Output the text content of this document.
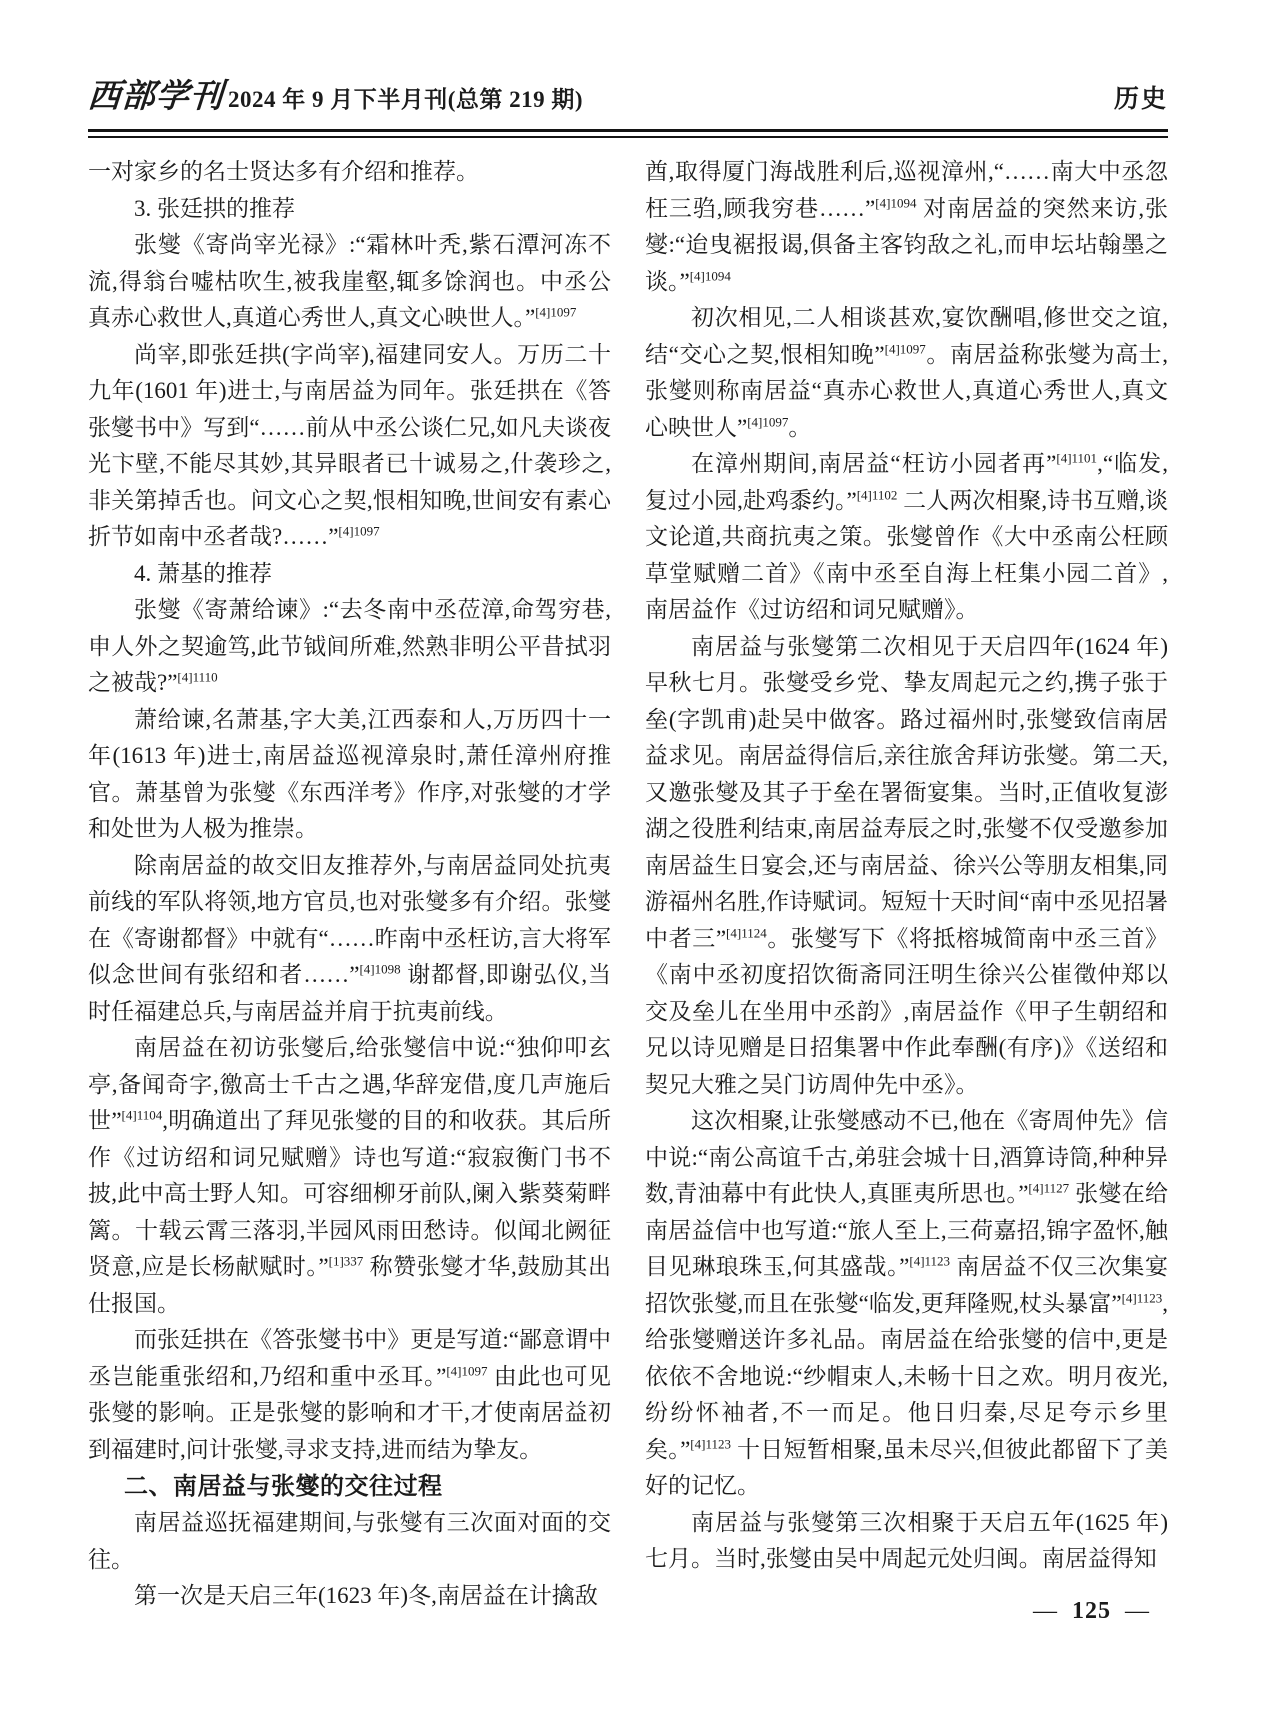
西部学刊 2024 年 9 月下半月刊(总第 219 期)	历史

一对家乡的名士贤达多有介绍和推荐。

3. 张廷拱的推荐

张燮《寄尚宰光禄》:“霜林叶秃,紫石潭河冻不流,得翁台嘘枯吹生,被我崖壑,辄多馀润也。中丞公真赤心救世人,真道心秀世人,真文心映世人。”$^{[4]1097}$

尚宰,即张廷拱(字尚宰),福建同安人。万历二十九年(1601 年)进士,与南居益为同年。张廷拱在《答张燮书中》写到“……前从中丞公谈仁兄,如凡夫谈夜光卞壁,不能尽其妙,其异眼者已十诚易之,什袭珍之,非关第掉舌也。问文心之契,恨相知晚,世间安有素心折节如南中丞者哉?……”$^{[4]1097}$

4. 萧基的推荐

张燮《寄萧给谏》:“去冬南中丞莅漳,命驾穷巷,申人外之契逾笃,此节钺间所难,然熟非明公平昔拭羽之被哉?”$^{[4]1110}$

萧给谏,名萧基,字大美,江西泰和人,万历四十一年(1613 年)进士,南居益巡视漳泉时,萧任漳州府推官。萧基曾为张燮《东西洋考》作序,对张燮的才学和处世为人极为推崇。

除南居益的故交旧友推荐外,与南居益同处抗夷前线的军队将领,地方官员,也对张燮多有介绍。张燮在《寄谢都督》中就有“……昨南中丞枉访,言大将军似念世间有张绍和者……”$^{[4]1098}$ 谢都督,即谢弘仪,当时任福建总兵,与南居益并肩于抗夷前线。

南居益在初访张燮后,给张燮信中说:“独仰叩玄亭,备闻奇字,徼高士千古之遇,华辞宠借,度几声施后世”$^{[4]1104}$,明确道出了拜见张燮的目的和收获。其后所作《过访绍和词兄赋赠》诗也写道:“寂寂衡门书不披,此中高士野人知。可容细柳牙前队,阑入紫葵菊畔篱。十载云霄三落羽,半园风雨田愁诗。似闻北阙征贤意,应是长杨献赋时。”$^{[1]337}$ 称赞张燮才华,鼓励其出仕报国。

而张廷拱在《答张燮书中》更是写道:“鄙意谓中丞岂能重张绍和,乃绍和重中丞耳。”$^{[4]1097}$ 由此也可见张燮的影响。正是张燮的影响和才干,才使南居益初到福建时,问计张燮,寻求支持,进而结为挚友。

二、南居益与张燮的交往过程

南居益巡抚福建期间,与张燮有三次面对面的交往。

第一次是天启三年(1623 年)冬,南居益在计擒敌

酋,取得厦门海战胜利后,巡视漳州,“……南大中丞忽枉三驺,顾我穷巷……”$^{[4]1094}$ 对南居益的突然来访,张燮:“迨曳裾报谒,俱备主客钧敌之礼,而申坛坫翰墨之谈。”$^{[4]1094}$

初次相见,二人相谈甚欢,宴饮酬唱,修世交之谊,结“交心之契,恨相知晚”$^{[4]1097}$。南居益称张燮为高士,张燮则称南居益“真赤心救世人,真道心秀世人,真文心映世人”$^{[4]1097}$。

在漳州期间,南居益“枉访小园者再”$^{[4]1101}$,“临发,复过小园,赴鸡黍约。”$^{[4]1102}$ 二人两次相聚,诗书互赠,谈文论道,共商抗夷之策。张燮曾作《大中丞南公枉顾草堂赋赠二首》《南中丞至自海上枉集小园二首》,南居益作《过访绍和词兄赋赠》。

南居益与张燮第二次相见于天启四年(1624 年)早秋七月。张燮受乡党、挚友周起元之约,携子张于垒(字凯甫)赴吴中做客。路过福州时,张燮致信南居益求见。南居益得信后,亲往旅舍拜访张燮。第二天,又邀张燮及其子于垒在署衙宴集。当时,正值收复澎湖之役胜利结束,南居益寿辰之时,张燮不仅受邀参加南居益生日宴会,还与南居益、徐兴公等朋友相集,同游福州名胜,作诗赋词。短短十天时间“南中丞见招暑中者三”$^{[4]1124}$。张燮写下《将抵榕城简南中丞三首》《南中丞初度招饮衙斋同汪明生徐兴公崔徵仲郑以交及垒儿在坐用中丞韵》,南居益作《甲子生朝绍和兄以诗见赠是日招集署中作此奉酬(有序)》《送绍和契兄大雅之吴门访周仲先中丞》。

这次相聚,让张燮感动不已,他在《寄周仲先》信中说:“南公高谊千古,弟驻会城十日,酒算诗筒,种种异数,青油幕中有此快人,真匪夷所思也。”$^{[4]1127}$ 张燮在给南居益信中也写道:“旅人至上,三荷嘉招,锦字盈怀,触目见琳琅珠玉,何其盛哉。”$^{[4]1123}$ 南居益不仅三次集宴招饮张燮,而且在张燮“临发,更拜隆贶,杖头暴富”$^{[4]1123}$,给张燮赠送许多礼品。南居益在给张燮的信中,更是依依不舍地说:“纱帽束人,未畅十日之欢。明月夜光,纷纷怀袖者,不一而足。他日归秦,尽足夸示乡里矣。”$^{[4]1123}$ 十日短暂相聚,虽未尽兴,但彼此都留下了美好的记忆。

南居益与张燮第三次相聚于天启五年(1625 年)七月。当时,张燮由吴中周起元处归闽。南居益得知

— 125 —
